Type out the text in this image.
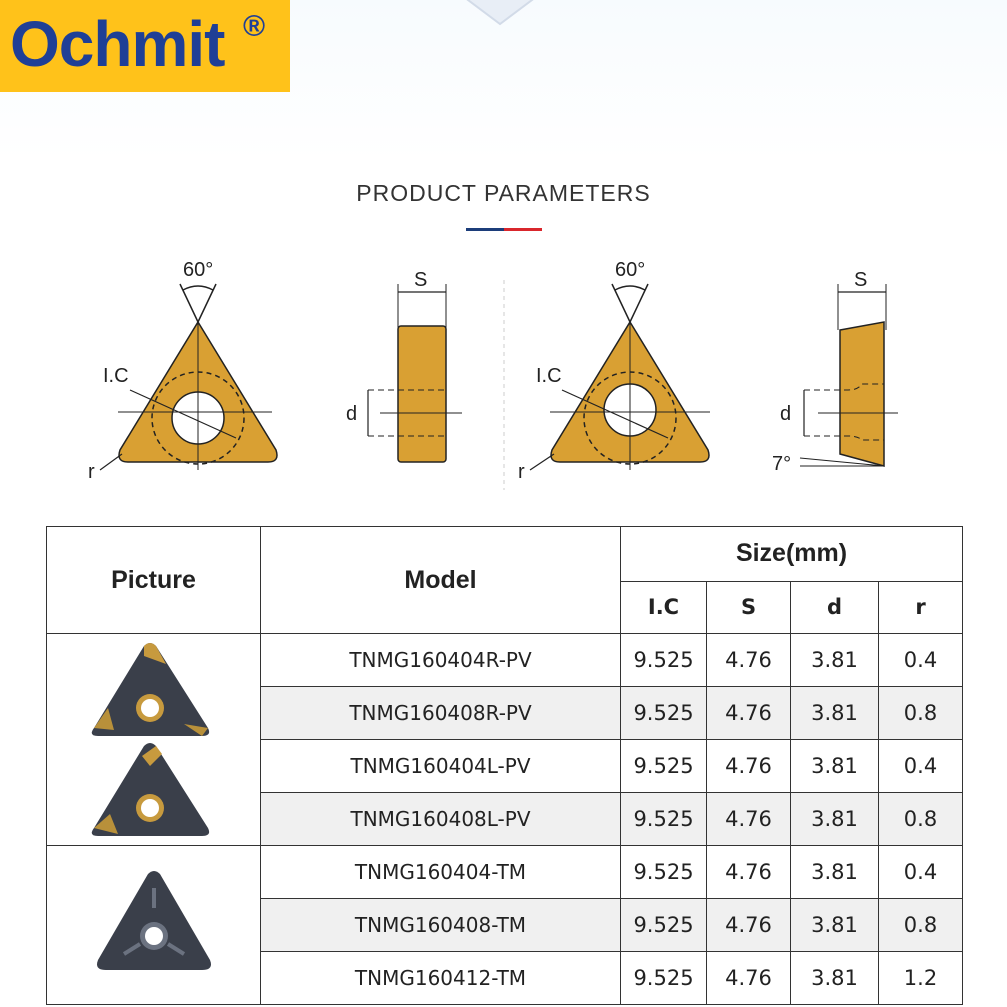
Ochmit ®
PRODUCT PARAMETERS
60°
I.C
r
S
d
60°
I.C
r
S
d
7°
Picture	Model	Size(mm)			
		I.C	S	d	r
	TNMG160404R-PV	9.525	4.76	3.81	0.4
	TNMG160408R-PV	9.525	4.76	3.81	0.8
	TNMG160404L-PV	9.525	4.76	3.81	0.4
	TNMG160408L-PV	9.525	4.76	3.81	0.8
	TNMG160404-TM	9.525	4.76	3.81	0.4
	TNMG160408-TM	9.525	4.76	3.81	0.8
	TNMG160412-TM	9.525	4.76	3.81	1.2
